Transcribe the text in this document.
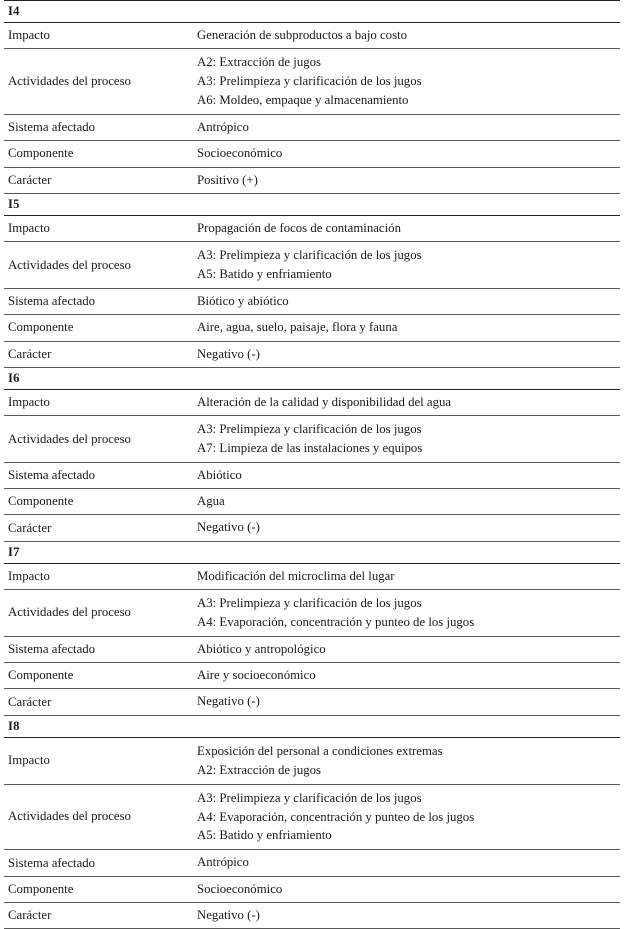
I4	
Impacto	Generación de subproductos a bajo costo

Actividades del proceso	A2: Extracción de jugos
A3: Prelimpieza y clarificación de los jugos
A6: Moldeo, empaque y almacenamiento

Sistema afectado	Antrópico

Componente	Socioeconómico

Carácter	Positivo (+)

I5	
Impacto	Propagación de focos de contaminación

Actividades del proceso	A3: Prelimpieza y clarificación de los jugos
A5: Batido y enfriamiento

Sistema afectado	Biótico y abiótico

Componente	Aire, agua, suelo, paisaje, flora y fauna

Carácter	Negativo (-)

I6	
Impacto	Alteración de la calidad y disponibilidad del agua

Actividades del proceso	A3: Prelimpieza y clarificación de los jugos
A7: Limpieza de las instalaciones y equipos

Sistema afectado	Abiótico

Componente	Agua

Carácter	Negativo (-)

I7	
Impacto	Modificación del microclima del lugar

Actividades del proceso	A3: Prelimpieza y clarificación de los jugos
A4: Evaporación, concentración y punteo de los jugos

Sistema afectado	Abiótico y antropológico

Componente	Aire y socioeconómico

Carácter	Negativo (-)

I8	
Impacto	Exposición del personal a condiciones extremas
A2: Extracción de jugos

Actividades del proceso	A3: Prelimpieza y clarificación de los jugos
A4: Evaporación, concentración y punteo de los jugos
A5: Batido y enfriamiento

Sistema afectado	Antrópico

Componente	Socioeconómico

Carácter	Negativo (-)
